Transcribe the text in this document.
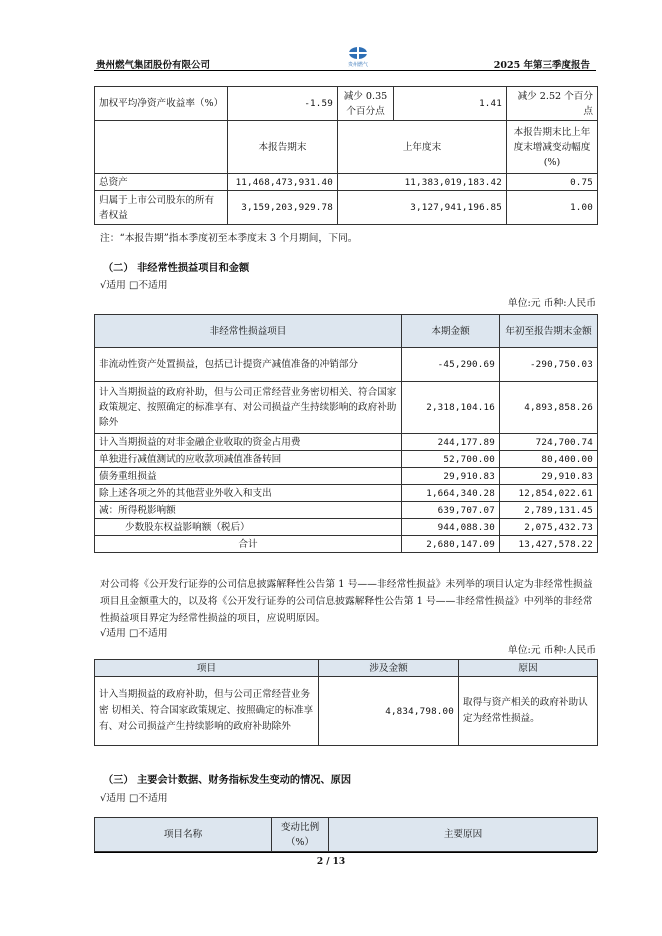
贵州燃气集团股份有限公司	贵州燃气	2025 年第三季度报告
加权平均净资产收益率（%）	-1.59	减少 0.35 个百分点	1.41	减少 2.52 个百分点
	本报告期末	上年度末		本报告期末比上年度末增减变动幅度(%)
总资产	11,468,473,931.40	11,383,019,183.42		0.75
归属于上市公司股东的所有者权益	3,159,203,929.78	3,127,941,196.85		1.00
注：“本报告期”指本季度初至本季度末 3 个月期间，下同。
（二） 非经常性损益项目和金额
√适用 □不适用
单位:元 币种:人民币
非经常性损益项目	本期金额	年初至报告期末金额
非流动性资产处置损益，包括已计提资产减值准备的冲销部分	-45,290.69	-290,750.03
计入当期损益的政府补助，但与公司正常经营业务密切相关、符合国家政策规定、按照确定的标准享有、对公司损益产生持续影响的政府补助除外	2,318,104.16	4,893,858.26
计入当期损益的对非金融企业收取的资金占用费	244,177.89	724,700.74
单独进行减值测试的应收款项减值准备转回	52,700.00	80,400.00
债务重组损益	29,910.83	29,910.83
除上述各项之外的其他营业外收入和支出	1,664,340.28	12,854,022.61
减：所得税影响额	639,707.07	2,789,131.45
少数股东权益影响额（税后）	944,088.30	2,075,432.73
合计	2,680,147.09	13,427,578.22
对公司将《公开发行证券的公司信息披露解释性公告第 1 号——非经常性损益》未列举的项目认定为非经常性损益项目且金额重大的，以及将《公开发行证券的公司信息披露解释性公告第 1 号——非经常性损益》中列举的非经常性损益项目界定为经常性损益的项目，应说明原因。
√适用 □不适用
单位:元 币种:人民币
项目	涉及金额	原因
计入当期损益的政府补助，但与公司正常经营业务密 切相关、符合国家政策规定、按照确定的标准享有、对公司损益产生持续影响的政府补助除外	4,834,798.00	取得与资产相关的政府补助认定为经常性损益。
（三） 主要会计数据、财务指标发生变动的情况、原因
√适用 □不适用
项目名称	变动比例（%）	主要原因
2 / 13
